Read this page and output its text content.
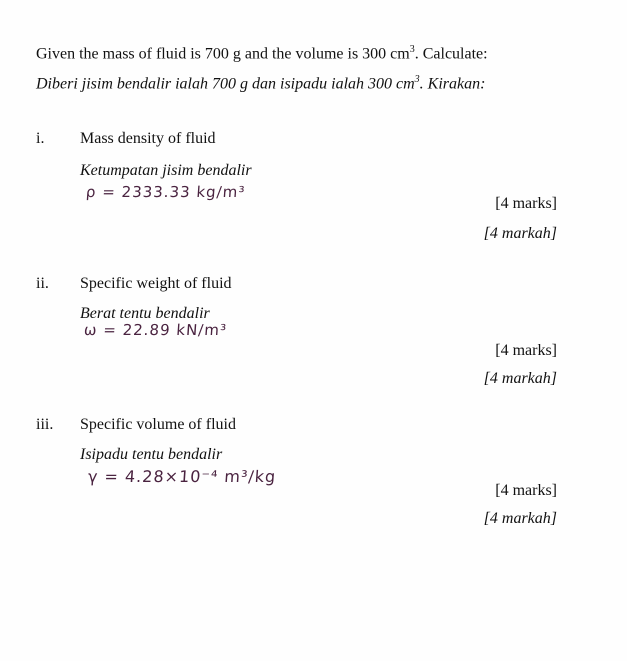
Given the mass of fluid is 700 g and the volume is 300 $cm^3$. Calculate:
Diberi jisim bendalir ialah 700 g dan isipadu ialah 300 $cm^3$. Kirakan:
i. Mass density of fluid
Ketumpatan jisim bendalir
ρ = 2333.33 kg/m³
[4 marks]
[4 markah]
ii. Specific weight of fluid
Berat tentu bendalir
ω = 22.89 kN/m³
[4 marks]
[4 markah]
iii. Specific volume of fluid
Isipadu tentu bendalir
γ = 4.28×10⁻⁴ m³/kg
[4 marks]
[4 markah]
